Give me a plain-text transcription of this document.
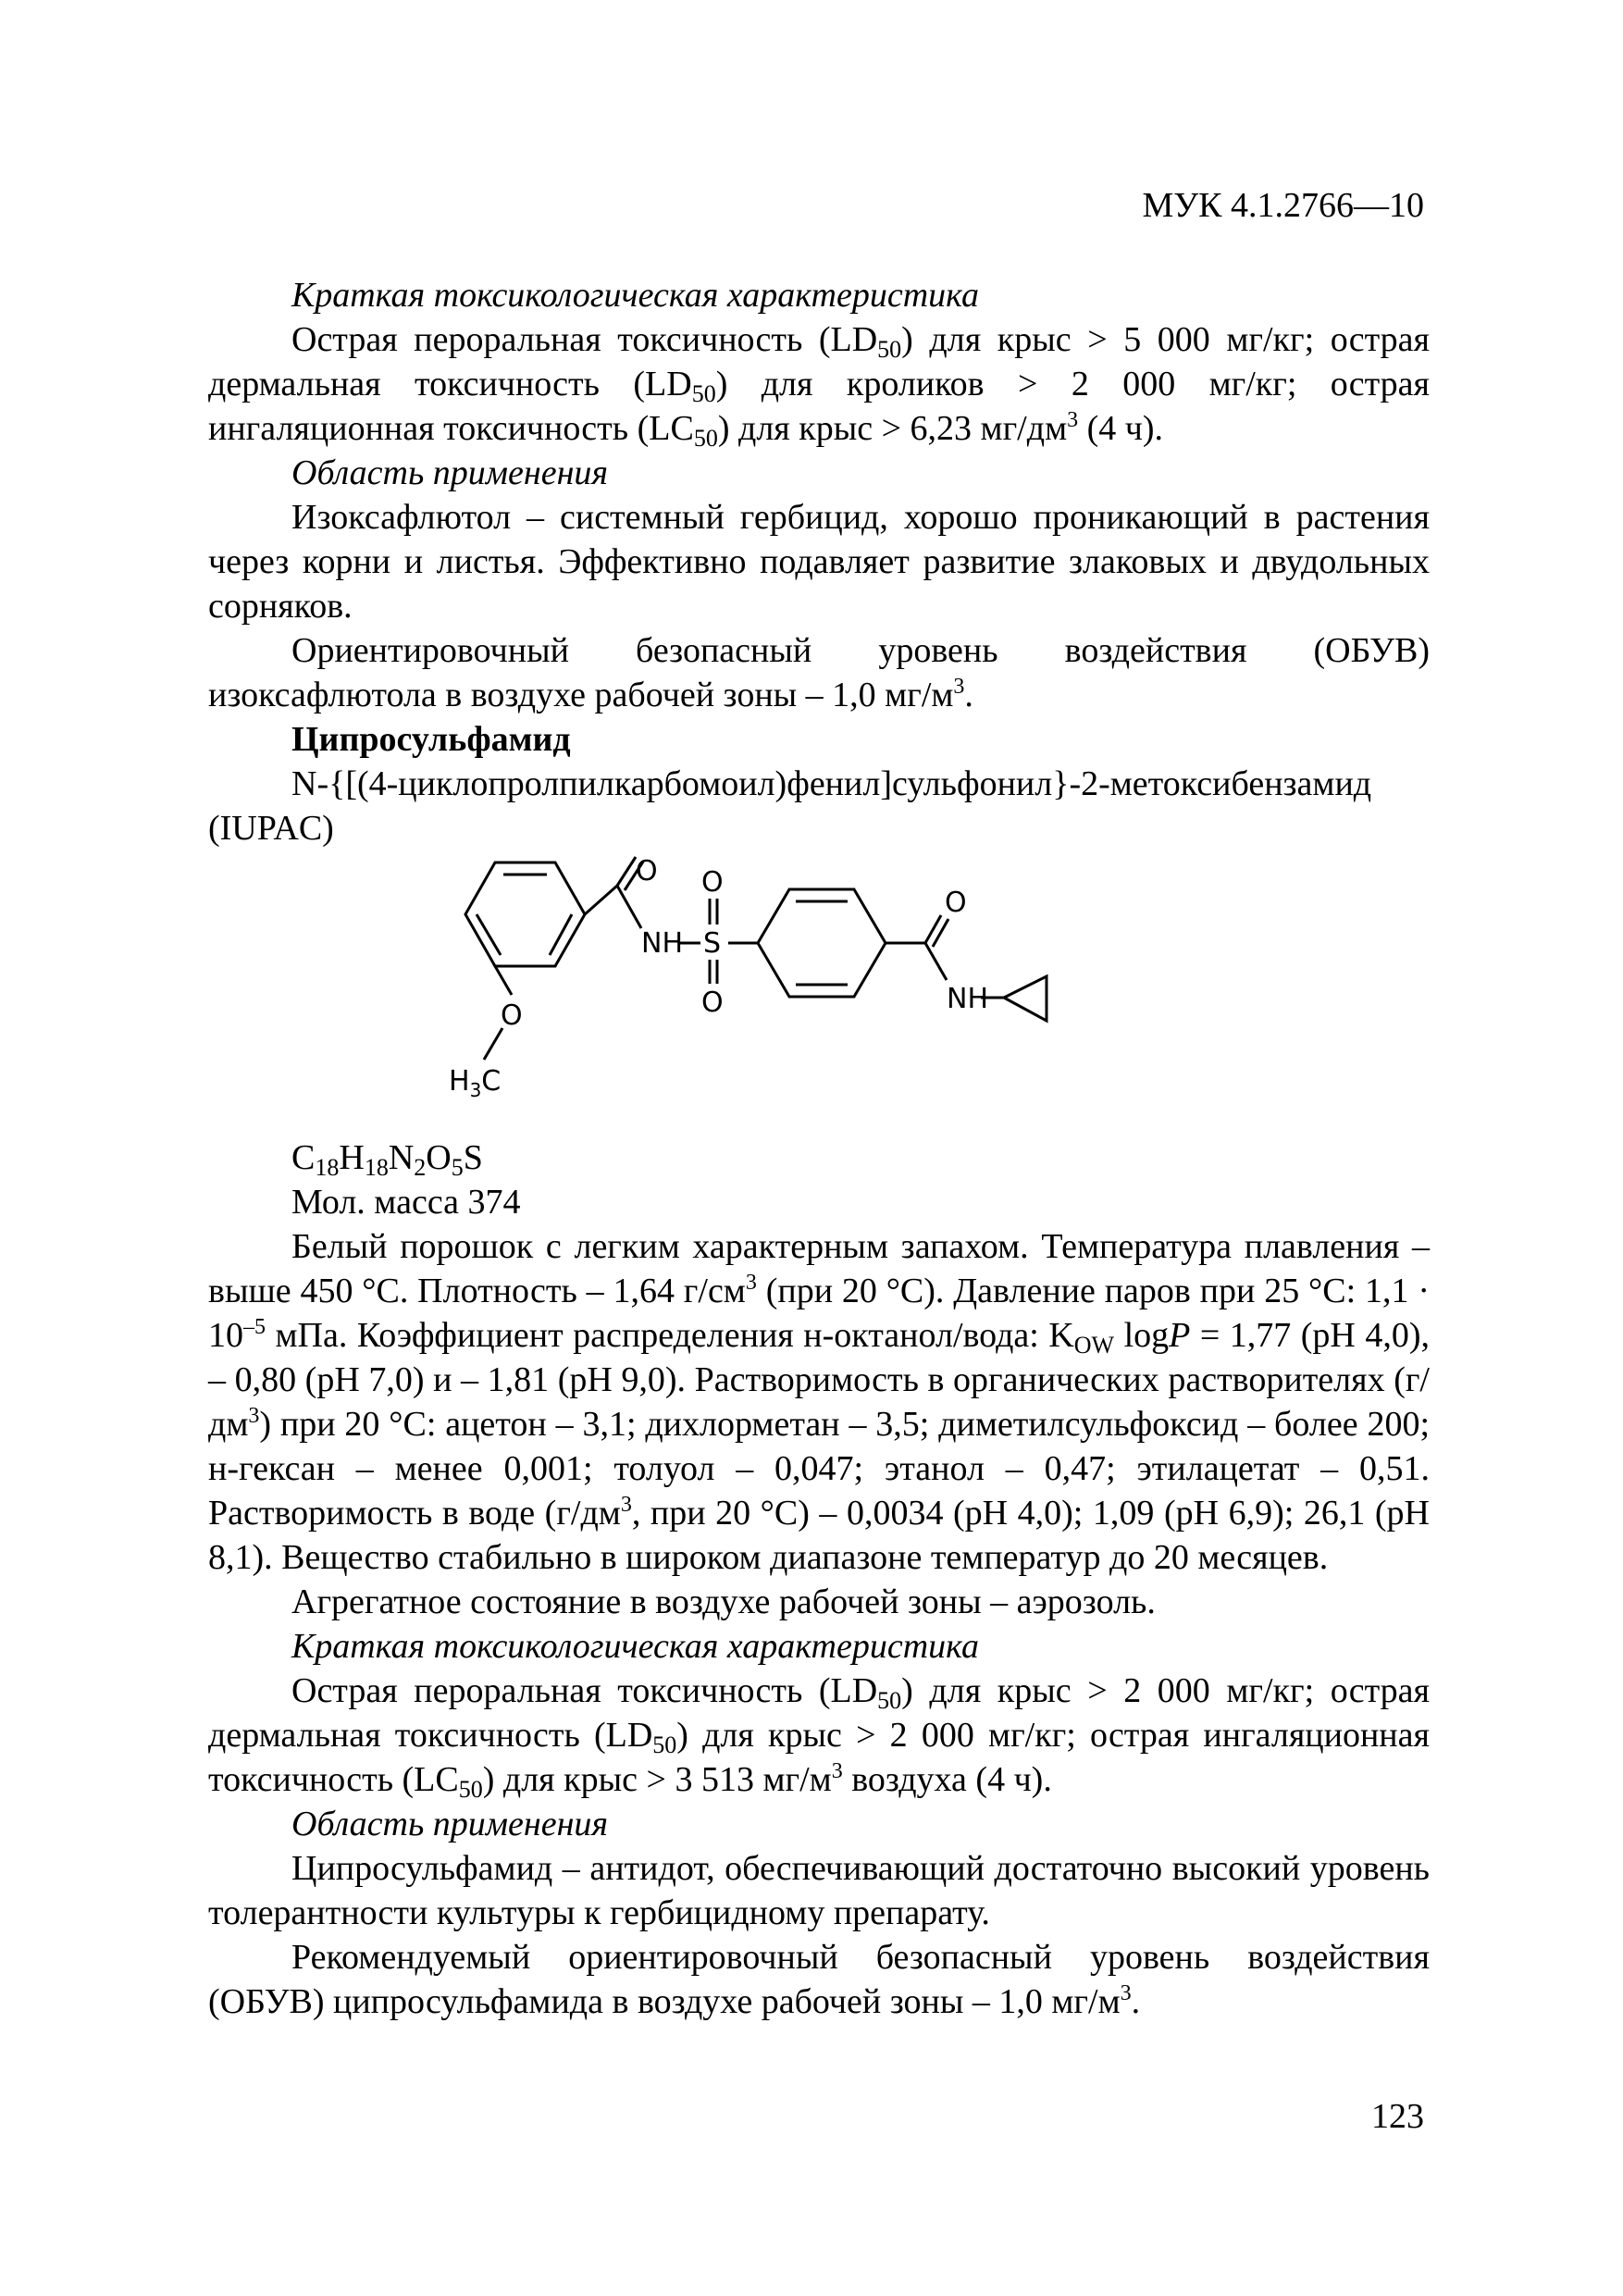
МУК 4.1.2766—10

Краткая токсикологическая характеристика

Острая пероральная токсичность $(LD_{50})$ для крыс > 5 000 мг/кг; острая дермальная токсичность $(LD_{50})$ для кроликов > 2 000 мг/кг; острая ингаляционная токсичность $(LC_{50})$ для крыс > 6,23 $мг/дм^3$ (4 ч).

Область применения

Изоксафлютол – системный гербицид, хорошо проникающий в растения через корни и листья. Эффективно подавляет развитие злаковых и двудольных сорняков.

Ориентировочный безопасный уровень воздействия (ОБУВ) изоксафлютола в воздухе рабочей зоны – 1,0 $мг/м^3$.

Ципросульфамид

N-{[(4-циклопролпилкарбомоил)фенил]сульфонил}-2-метоксибензамид (IUPAC)

O O
O
NH S
O	NH
O
$H_3C$

$C_{18}H_{18}N_2O_5S$

Мол. масса 374

Белый порошок с легким характерным запахом. Температура плавления – выше 450 °С. Плотность – 1,64 $г/см^3$ (при 20 °С). Давление паров при 25 °С: $1,1 \cdot 10^{-5}$ мПа. Коэффициент распределения н-октанол/вода: $K_{OW}$ logP = 1,77 (pH 4,0), – 0,80 (pH 7,0) и – 1,81 (pH 9,0). Растворимость в органических растворителях $(г/дм^3)$ при 20 °С: ацетон – 3,1; дихлорметан – 3,5; диметилсульфоксид – более 200; н-гексан – менее 0,001; толуол – 0,047; этанол – 0,47; этилацетат – 0,51. Растворимость в воде ($г/дм^3$, при 20 °С) – 0,0034 (pH 4,0); 1,09 (pH 6,9); 26,1 (pH 8,1). Вещество стабильно в широком диапазоне температур до 20 месяцев.

Агрегатное состояние в воздухе рабочей зоны – аэрозоль.

Краткая токсикологическая характеристика

Острая пероральная токсичность $(LD_{50})$ для крыс > 2 000 мг/кг; острая дермальная токсичность $(LD_{50})$ для крыс > 2 000 мг/кг; острая ингаляционная токсичность $(LC_{50})$ для крыс > 3 513 $мг/м^3$ воздуха (4 ч).

Область применения

Ципросульфамид – антидот, обеспечивающий достаточно высокий уровень толерантности культуры к гербицидному препарату.

Рекомендуемый ориентировочный безопасный уровень воздействия (ОБУВ) ципросульфамида в воздухе рабочей зоны – 1,0 $мг/м^3$.

123
